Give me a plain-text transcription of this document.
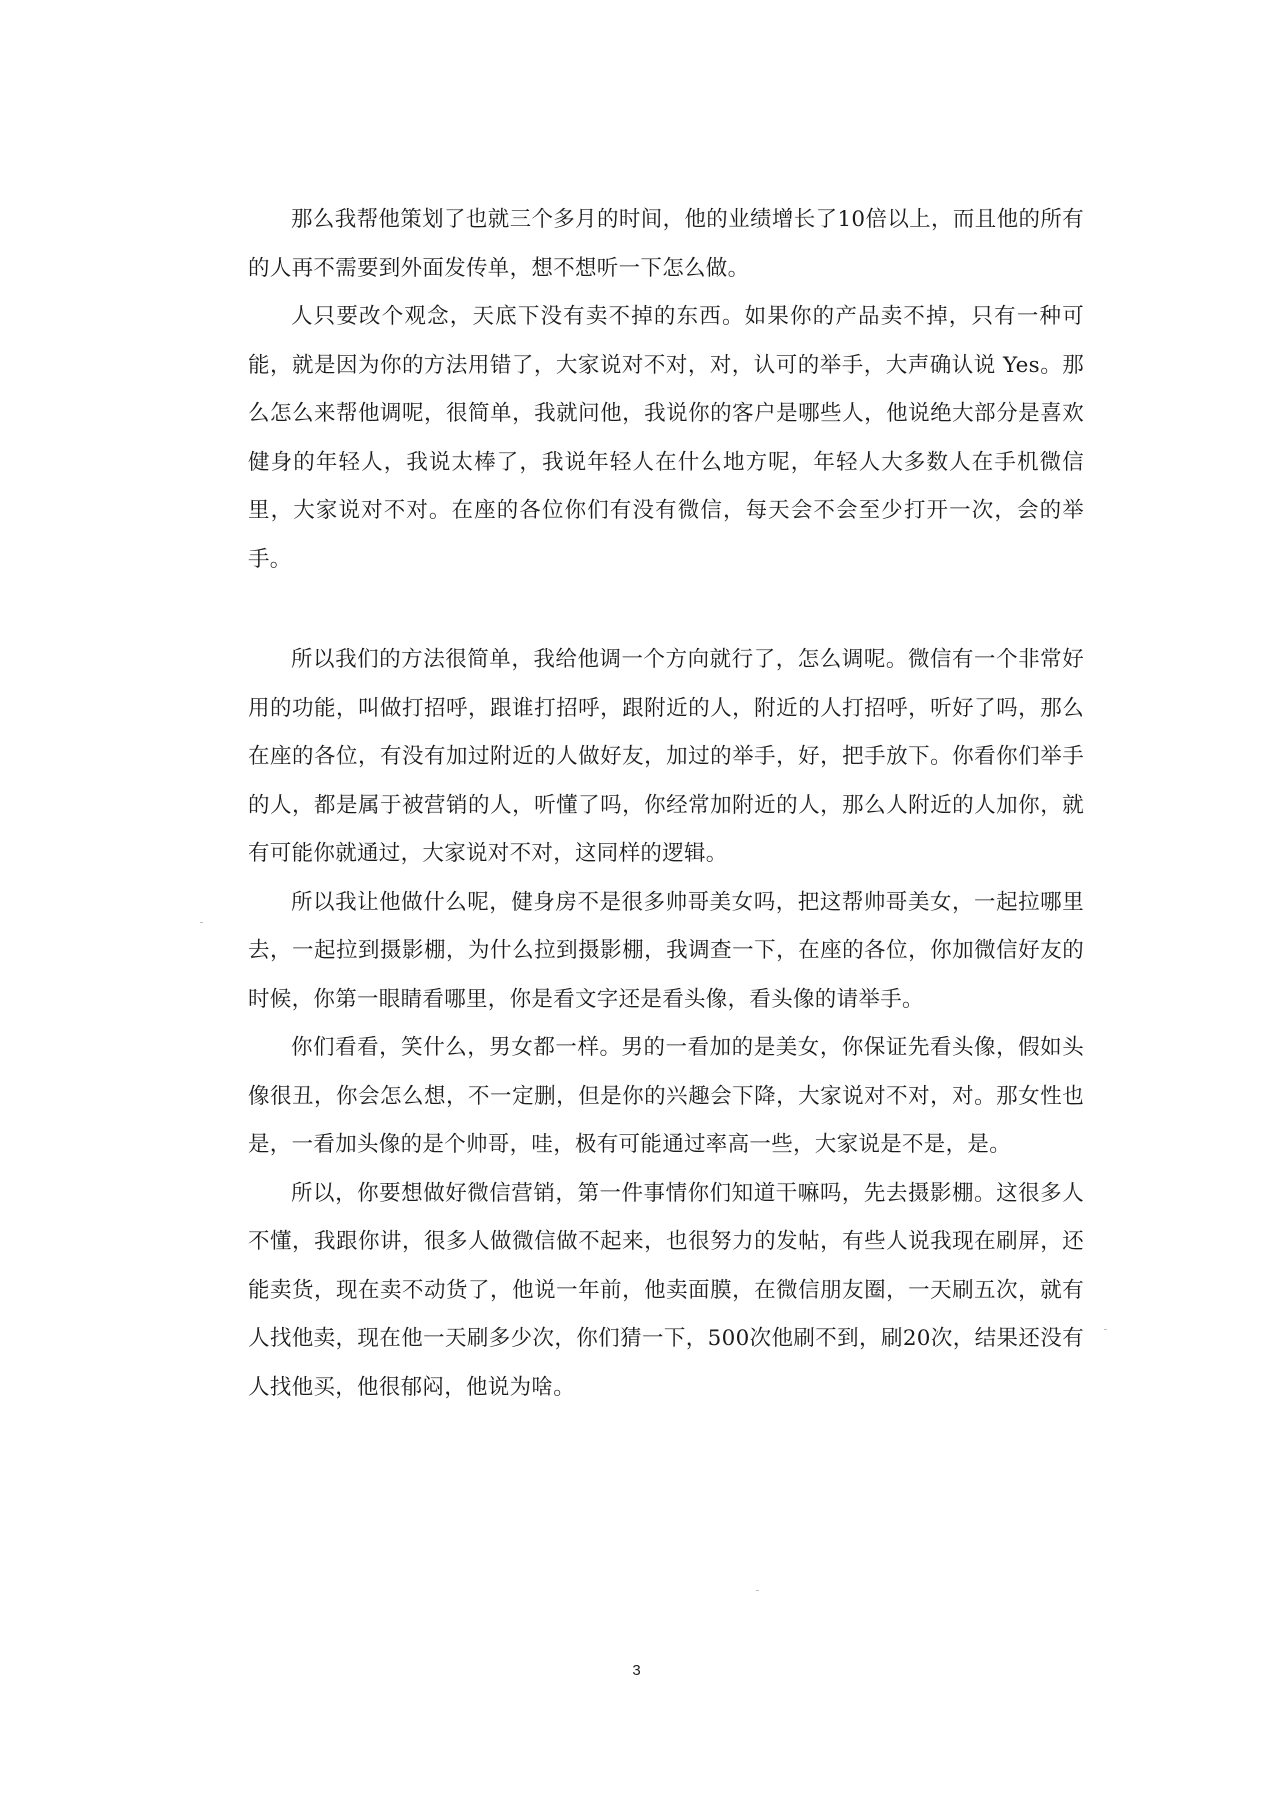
那么我帮他策划了也就三个多月的时间，他的业绩增长了10倍以上，而且他的所有的人再不需要到外面发传单，想不想听一下怎么做。

人只要改个观念，天底下没有卖不掉的东西。如果你的产品卖不掉，只有一种可能，就是因为你的方法用错了，大家说对不对，对，认可的举手，大声确认说 Yes。那么怎么来帮他调呢，很简单，我就问他，我说你的客户是哪些人，他说绝大部分是喜欢健身的年轻人，我说太棒了，我说年轻人在什么地方呢，年轻人大多数人在手机微信里，大家说对不对。在座的各位你们有没有微信，每天会不会至少打开一次，会的举手。

所以我们的方法很简单，我给他调一个方向就行了，怎么调呢。微信有一个非常好用的功能，叫做打招呼，跟谁打招呼，跟附近的人，附近的人打招呼，听好了吗，那么在座的各位，有没有加过附近的人做好友，加过的举手，好，把手放下。你看你们举手的人，都是属于被营销的人，听懂了吗，你经常加附近的人，那么人附近的人加你，就有可能你就通过，大家说对不对，这同样的逻辑。

所以我让他做什么呢，健身房不是很多帅哥美女吗，把这帮帅哥美女，一起拉哪里去，一起拉到摄影棚，为什么拉到摄影棚，我调查一下，在座的各位，你加微信好友的时候，你第一眼睛看哪里，你是看文字还是看头像，看头像的请举手。

你们看看，笑什么，男女都一样。男的一看加的是美女，你保证先看头像，假如头像很丑，你会怎么想，不一定删，但是你的兴趣会下降，大家说对不对，对。那女性也是，一看加头像的是个帅哥，哇，极有可能通过率高一些，大家说是不是，是。

所以，你要想做好微信营销，第一件事情你们知道干嘛吗，先去摄影棚。这很多人不懂，我跟你讲，很多人做微信做不起来，也很努力的发帖，有些人说我现在刷屏，还能卖货，现在卖不动货了，他说一年前，他卖面膜，在微信朋友圈，一天刷五次，就有人找他卖，现在他一天刷多少次，你们猜一下，500次他刷不到，刷20次，结果还没有人找他买，他很郁闷，他说为啥。

3
